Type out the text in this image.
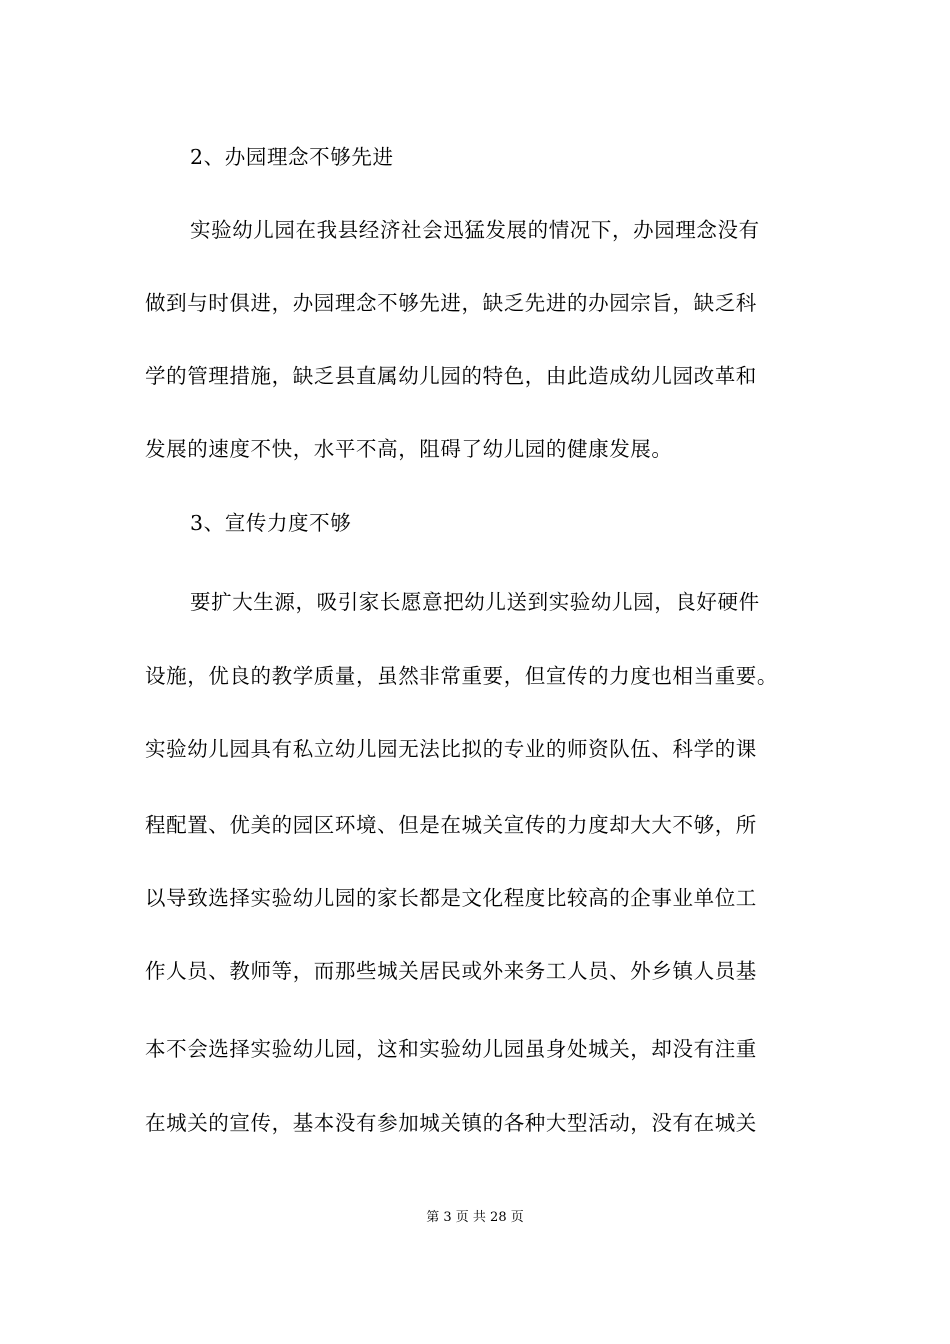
2、办园理念不够先进
实验幼儿园在我县经济社会迅猛发展的情况下，办园理念没有
做到与时俱进，办园理念不够先进，缺乏先进的办园宗旨，缺乏科
学的管理措施，缺乏县直属幼儿园的特色，由此造成幼儿园改革和
发展的速度不快，水平不高，阻碍了幼儿园的健康发展。
3、宣传力度不够
要扩大生源，吸引家长愿意把幼儿送到实验幼儿园，良好硬件
设施，优良的教学质量，虽然非常重要，但宣传的力度也相当重要。
实验幼儿园具有私立幼儿园无法比拟的专业的师资队伍、科学的课
程配置、优美的园区环境、但是在城关宣传的力度却大大不够，所
以导致选择实验幼儿园的家长都是文化程度比较高的企事业单位工
作人员、教师等，而那些城关居民或外来务工人员、外乡镇人员基
本不会选择实验幼儿园，这和实验幼儿园虽身处城关，却没有注重
在城关的宣传，基本没有参加城关镇的各种大型活动，没有在城关
第 3 页 共 28 页
